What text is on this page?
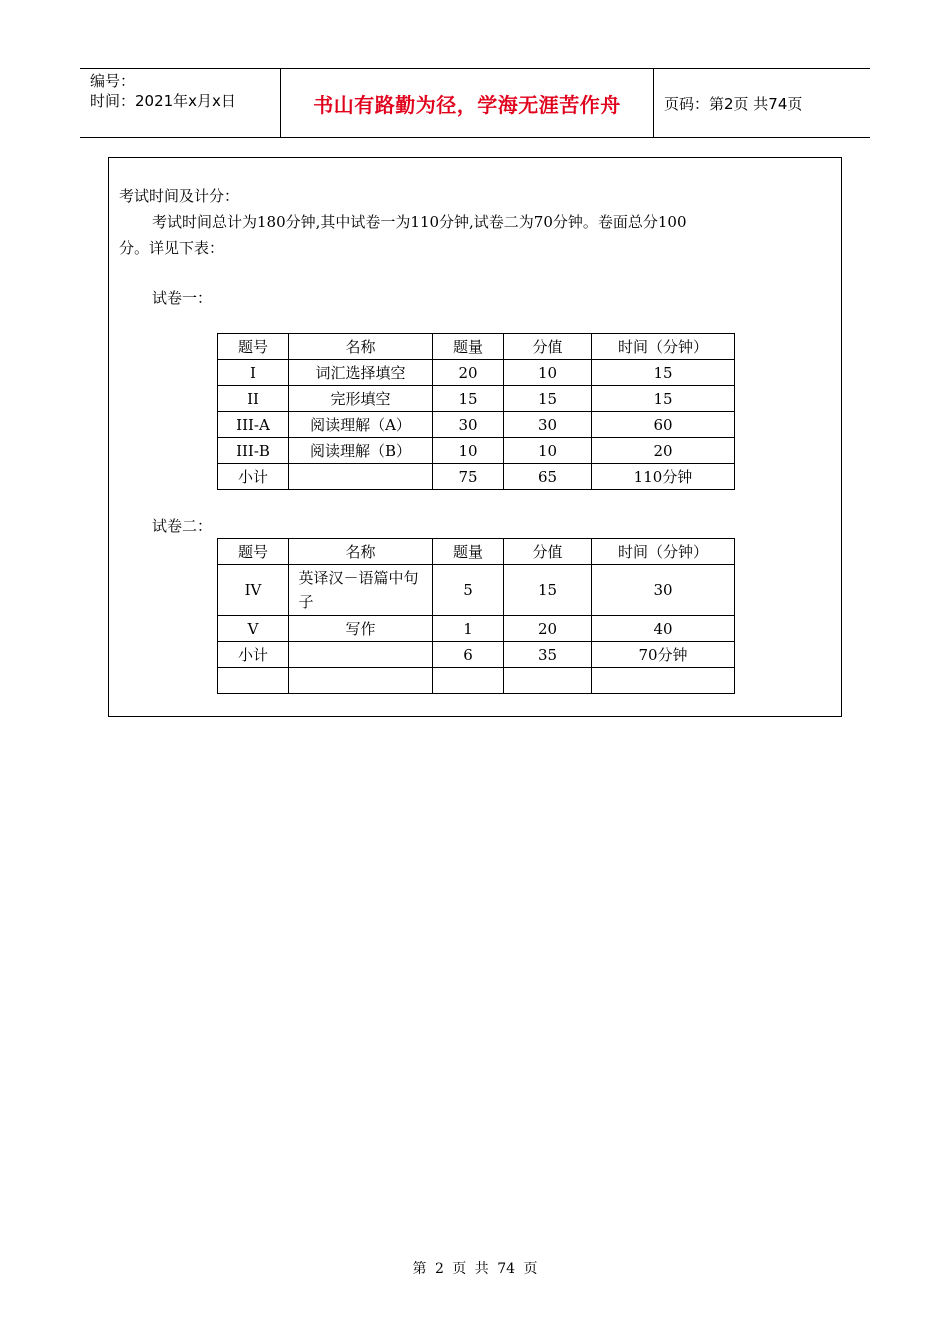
编号：
时间：2021年x月x日	书山有路勤为径，学海无涯苦作舟	页码：第2页 共74页
考试时间及计分：
考试时间总计为180分钟,其中试卷一为110分钟,试卷二为70分钟。卷面总分100
分。详见下表：
试卷一：
题号	名称	题量	分值	时间（分钟）
I	词汇选择填空	20	10	15
II	完形填空	15	15	15
III-A	阅读理解（A）	30	30	60
III-B	阅读理解（B）	10	10	20
小计		75	65	110分钟
试卷二：
题号	名称	题量	分值	时间（分钟）
IV	英译汉－语篇中句子	5	15	30
V	写作	1	20	40
小计		6	35	70分钟

第 2 页 共 74 页
